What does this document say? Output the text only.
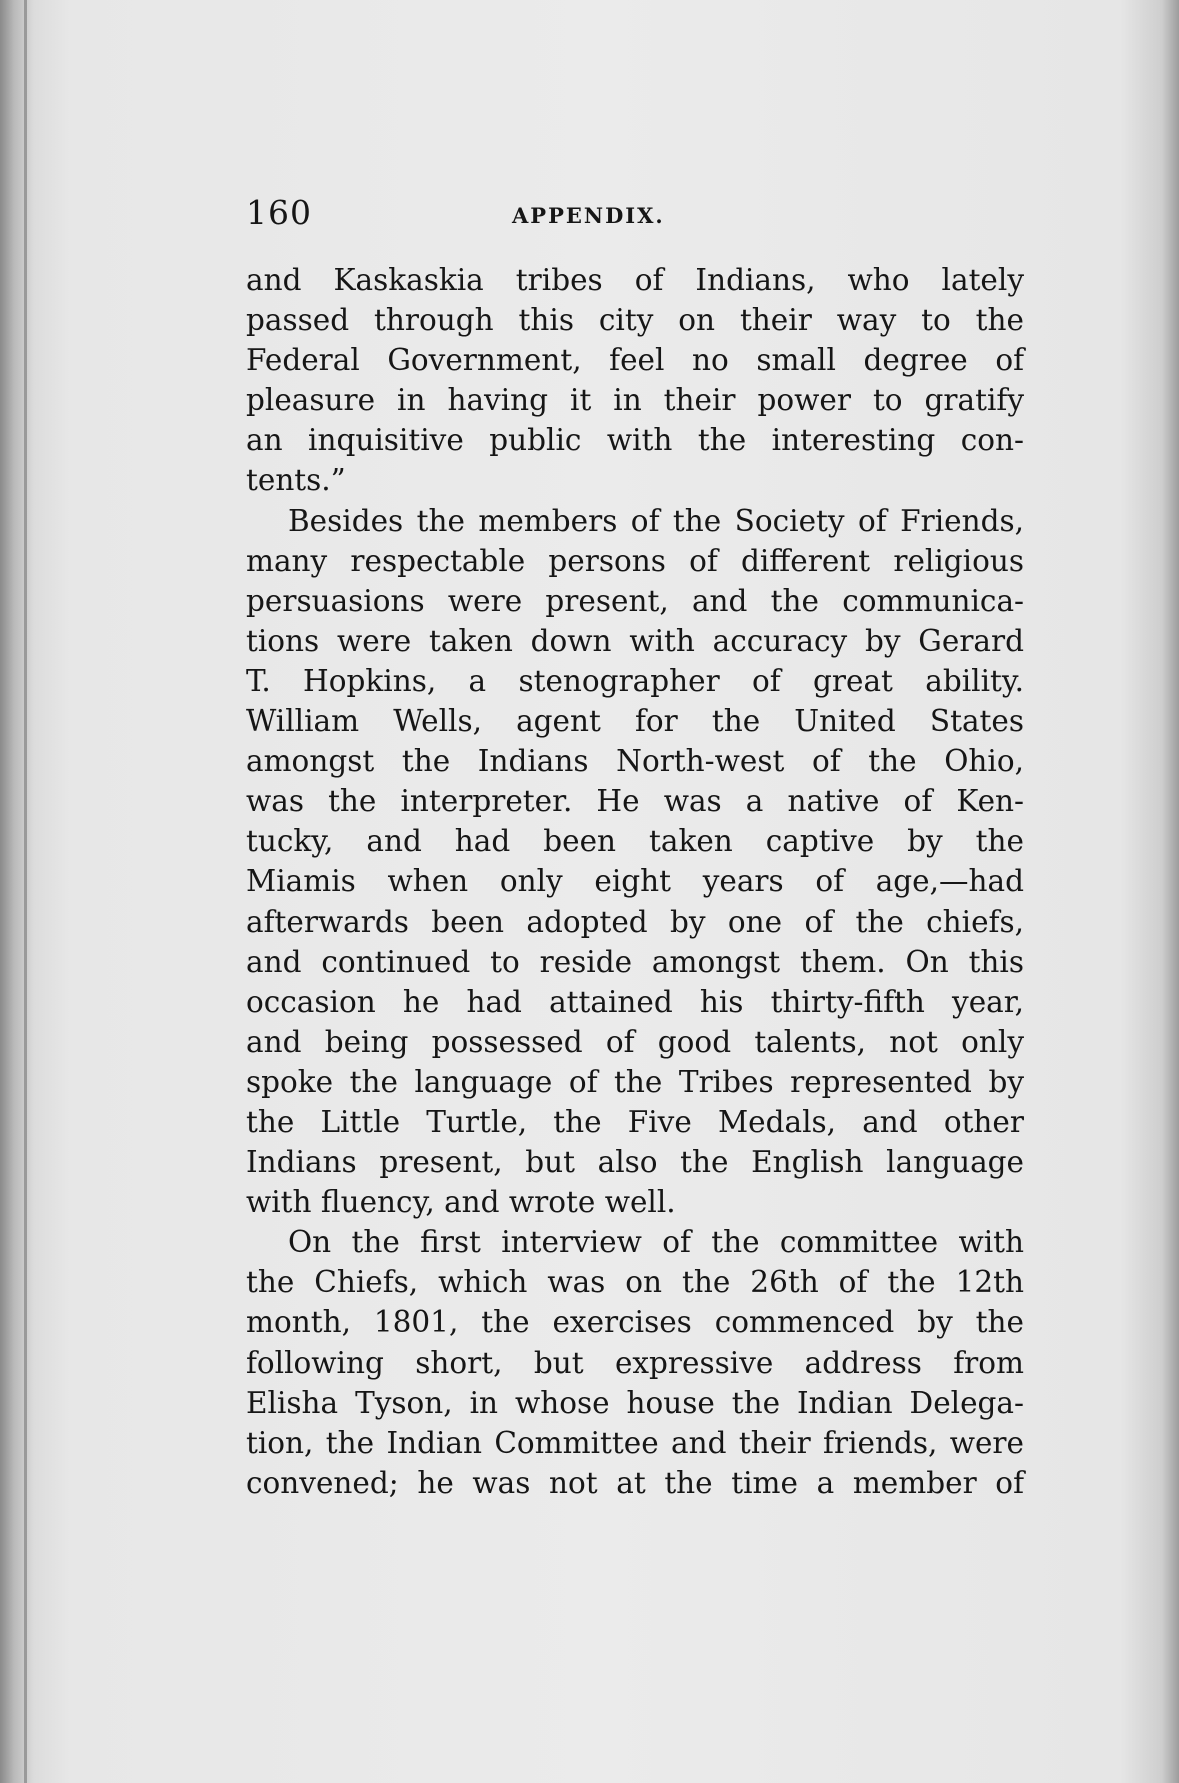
160	APPENDIX.
and Kaskaskia tribes of Indians, who lately
passed through this city on their way to the
Federal Government, feel no small degree of
pleasure in having it in their power to gratify
an inquisitive public with the interesting con-
tents.”
Besides the members of the Society of Friends,
many respectable persons of different religious
persuasions were present, and the communica-
tions were taken down with accuracy by Gerard
T. Hopkins, a stenographer of great ability.
William Wells, agent for the United States
amongst the Indians North-west of the Ohio,
was the interpreter. He was a native of Ken-
tucky, and had been taken captive by the
Miamis when only eight years of age,—had
afterwards been adopted by one of the chiefs,
and continued to reside amongst them. On this
occasion he had attained his thirty-fifth year,
and being possessed of good talents, not only
spoke the language of the Tribes represented by
the Little Turtle, the Five Medals, and other
Indians present, but also the English language
with fluency, and wrote well.
On the first interview of the committee with
the Chiefs, which was on the 26th of the 12th
month, 1801, the exercises commenced by the
following short, but expressive address from
Elisha Tyson, in whose house the Indian Delega-
tion, the Indian Committee and their friends, were
convened; he was not at the time a member of
